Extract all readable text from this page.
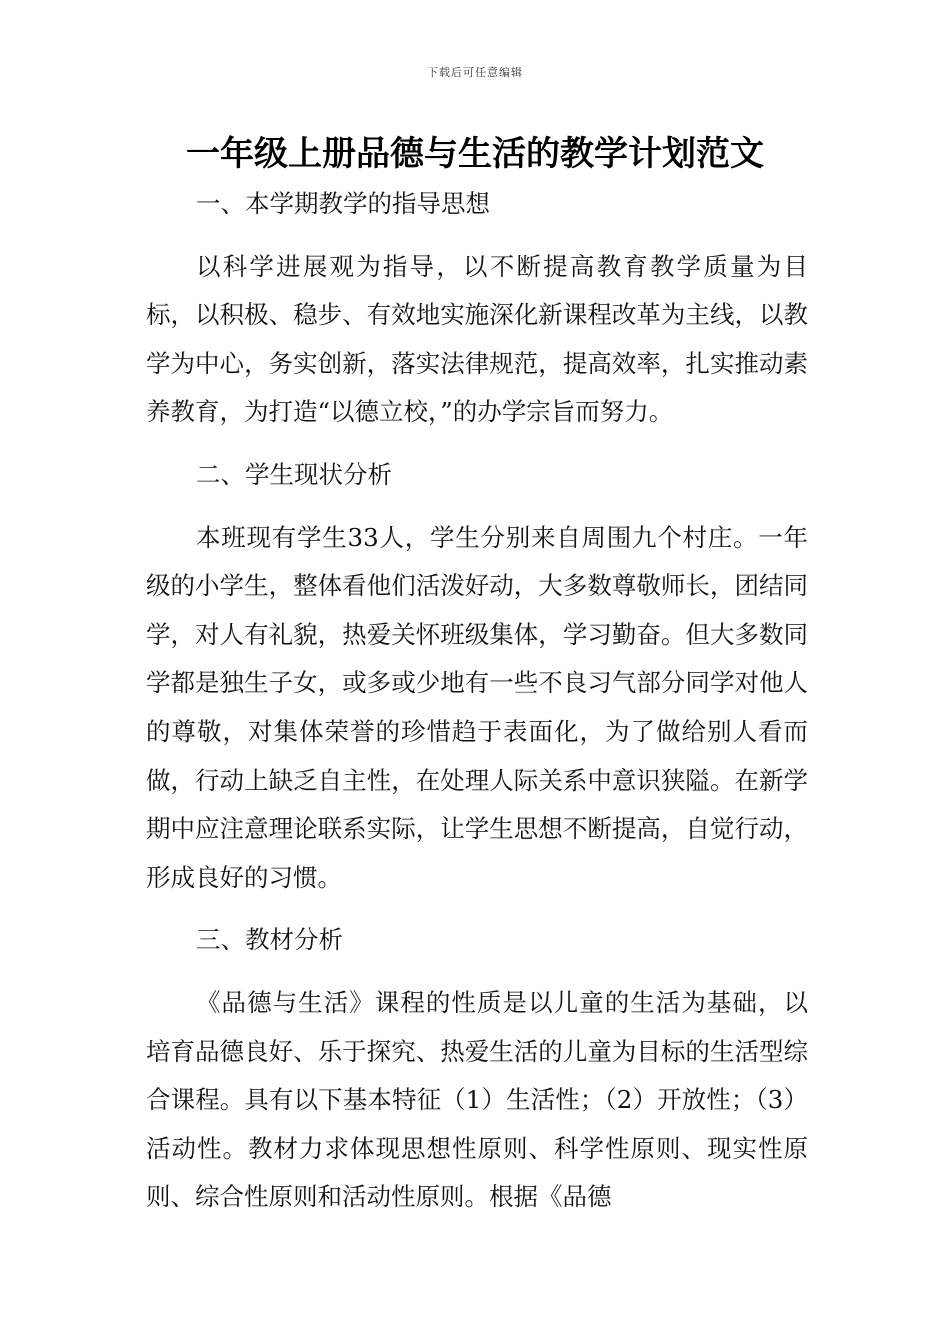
下载后可任意编辑
一年级上册品德与生活的教学计划范文

一、本学期教学的指导思想

以科学进展观为指导，以不断提高教育教学质量为目标，以积极、稳步、有效地实施深化新课程改革为主线，以教学为中心，务实创新，落实法律规范，提高效率，扎实推动素养教育，为打造“以德立校，”的办学宗旨而努力。

二、学生现状分析

本班现有学生33人，学生分别来自周围九个村庄。一年级的小学生，整体看他们活泼好动，大多数尊敬师长，团结同学，对人有礼貌，热爱关怀班级集体，学习勤奋。但大多数同学都是独生子女，或多或少地有一些不良习气部分同学对他人的尊敬，对集体荣誉的珍惜趋于表面化，为了做给别人看而做，行动上缺乏自主性，在处理人际关系中意识狭隘。在新学期中应注意理论联系实际，让学生思想不断提高，自觉行动，形成良好的习惯。

三、教材分析

《品德与生活》课程的性质是以儿童的生活为基础，以培育品德良好、乐于探究、热爱生活的儿童为目标的生活型综合课程。具有以下基本特征（1）生活性；（2）开放性；（3）活动性。教材力求体现思想性原则、科学性原则、现实性原则、综合性原则和活动性原则。根据《品德
